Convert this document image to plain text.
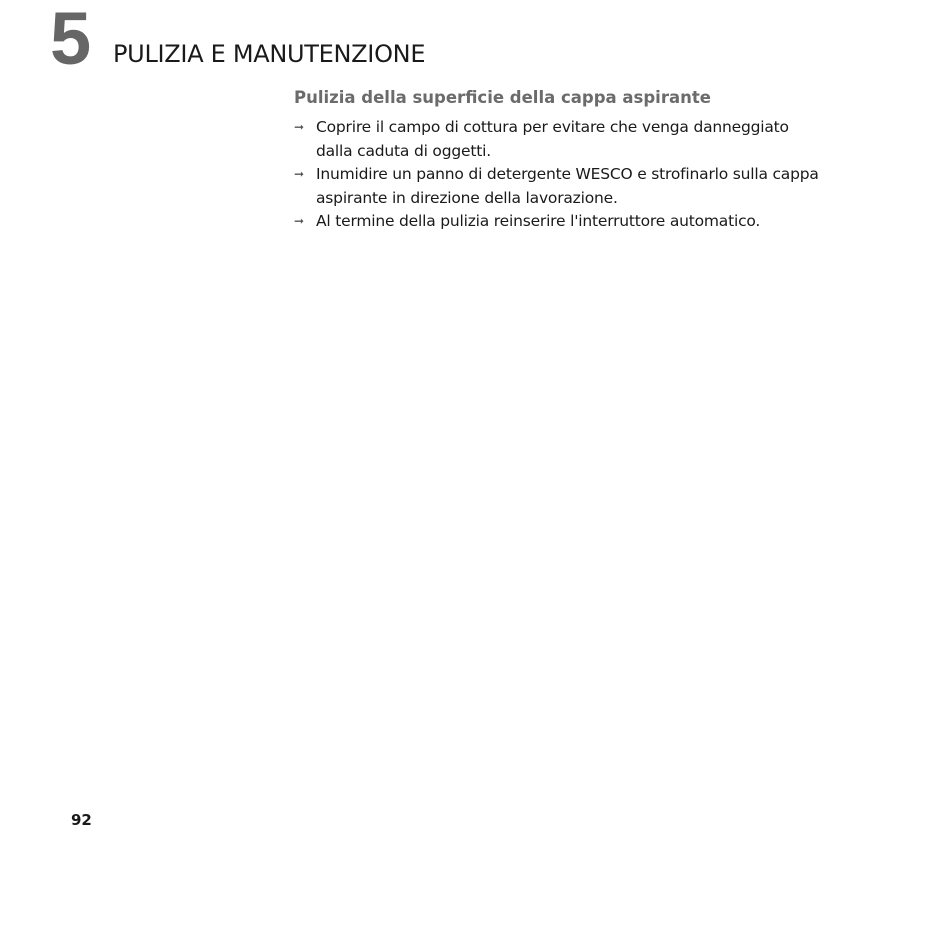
5 PULIZIA E MANUTENZIONE
Pulizia della superficie della cappa aspirante
➞ Coprire il campo di cottura per evitare che venga danneggiato
dalla caduta di oggetti.
➞ Inumidire un panno di detergente WESCO e strofinarlo sulla cappa
aspirante in direzione della lavorazione.
➞ Al termine della pulizia reinserire l'interruttore automatico.
92
